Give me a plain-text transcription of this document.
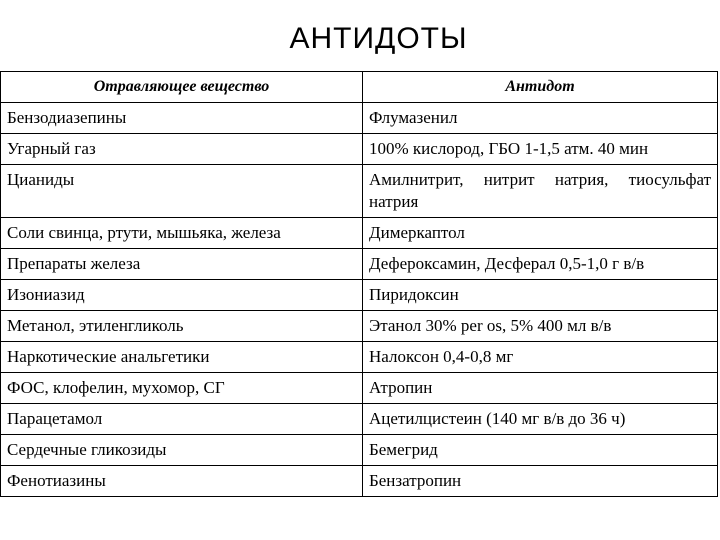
АНТИДОТЫ
Отравляющее вещество	Антидот
Бензодиазепины	Флумазенил
Угарный газ	100% кислород, ГБО 1-1,5 атм. 40 мин
Цианиды	Амилнитрит, нитрит натрия, тиосульфат натрия
Соли свинца, ртути, мышьяка, железа	Димеркаптол
Препараты железа	Дефероксамин, Десферал 0,5-1,0 г в/в
Изониазид	Пиридоксин
Метанол, этиленгликоль	Этанол 30% per os, 5% 400 мл в/в
Наркотические анальгетики	Налоксон 0,4-0,8 мг
ФОС, клофелин, мухомор, СГ	Атропин
Парацетамол	Ацетилцистеин (140 мг в/в до 36 ч)
Сердечные гликозиды	Бемегрид
Фенотиазины	Бензатропин
